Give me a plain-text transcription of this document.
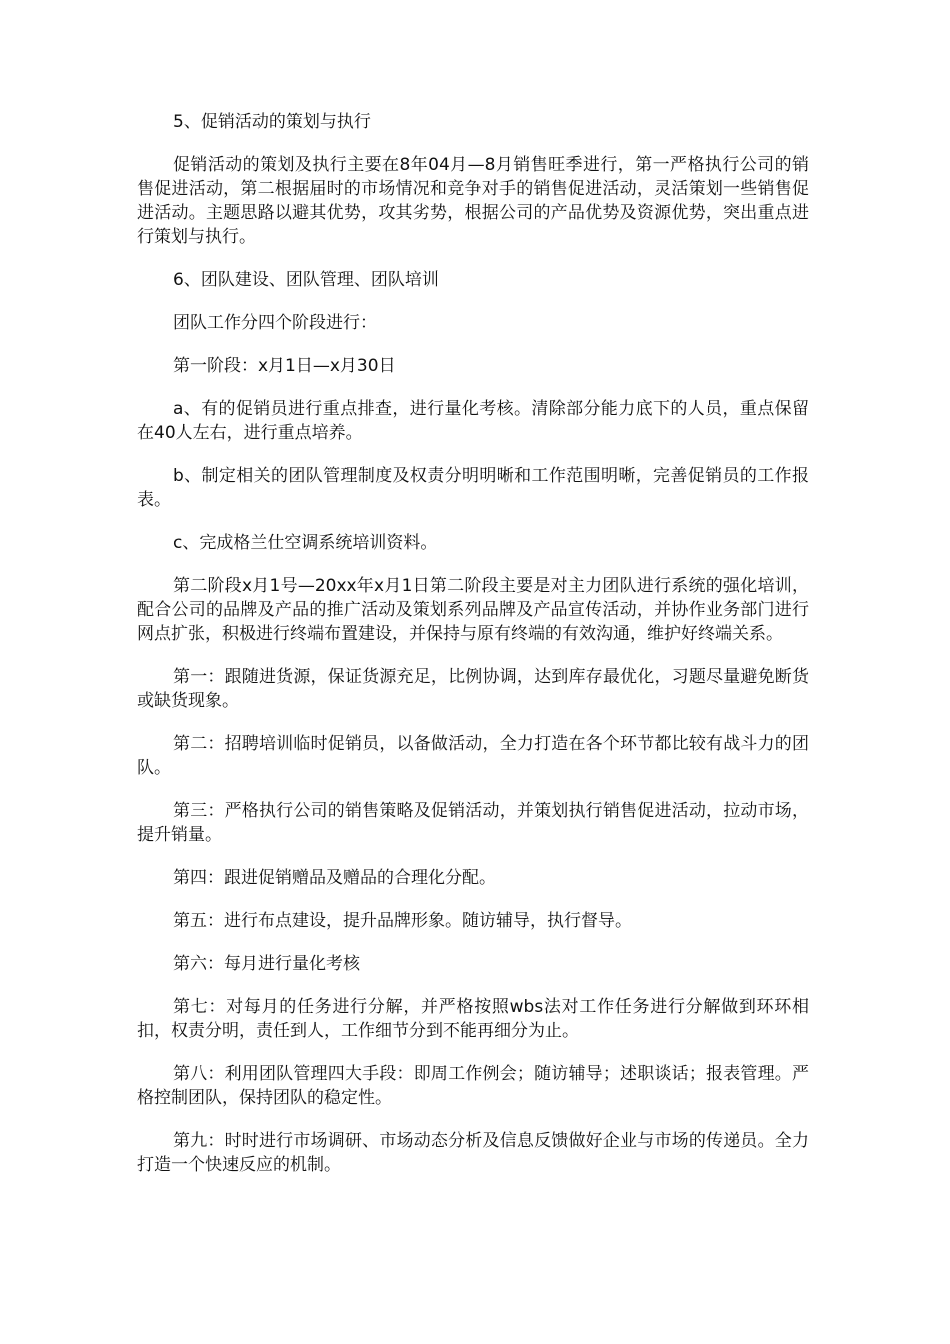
5、促销活动的策划与执行

促销活动的策划及执行主要在8年04月—8月销售旺季进行，第一严格执行公司的销售促进活动，第二根据届时的市场情况和竞争对手的销售促进活动，灵活策划一些销售促进活动。主题思路以避其优势，攻其劣势，根据公司的产品优势及资源优势，突出重点进行策划与执行。

6、团队建设、团队管理、团队培训

团队工作分四个阶段进行：

第一阶段：x月1日—x月30日

a、有的促销员进行重点排查，进行量化考核。清除部分能力底下的人员，重点保留在40人左右，进行重点培养。

b、制定相关的团队管理制度及权责分明明晰和工作范围明晰，完善促销员的工作报表。

c、完成格兰仕空调系统培训资料。

第二阶段x月1号—20xx年x月1日第二阶段主要是对主力团队进行系统的强化培训，配合公司的品牌及产品的推广活动及策划系列品牌及产品宣传活动，并协作业务部门进行网点扩张，积极进行终端布置建设，并保持与原有终端的有效沟通，维护好终端关系。

第一：跟随进货源，保证货源充足，比例协调，达到库存最优化，习题尽量避免断货或缺货现象。

第二：招聘培训临时促销员，以备做活动，全力打造在各个环节都比较有战斗力的团队。

第三：严格执行公司的销售策略及促销活动，并策划执行销售促进活动，拉动市场，提升销量。

第四：跟进促销赠品及赠品的合理化分配。

第五：进行布点建设，提升品牌形象。随访辅导，执行督导。

第六：每月进行量化考核

第七：对每月的任务进行分解，并严格按照wbs法对工作任务进行分解做到环环相扣，权责分明，责任到人，工作细节分到不能再细分为止。

第八：利用团队管理四大手段：即周工作例会；随访辅导；述职谈话；报表管理。严格控制团队，保持团队的稳定性。

第九：时时进行市场调研、市场动态分析及信息反馈做好企业与市场的传递员。全力打造一个快速反应的机制。
